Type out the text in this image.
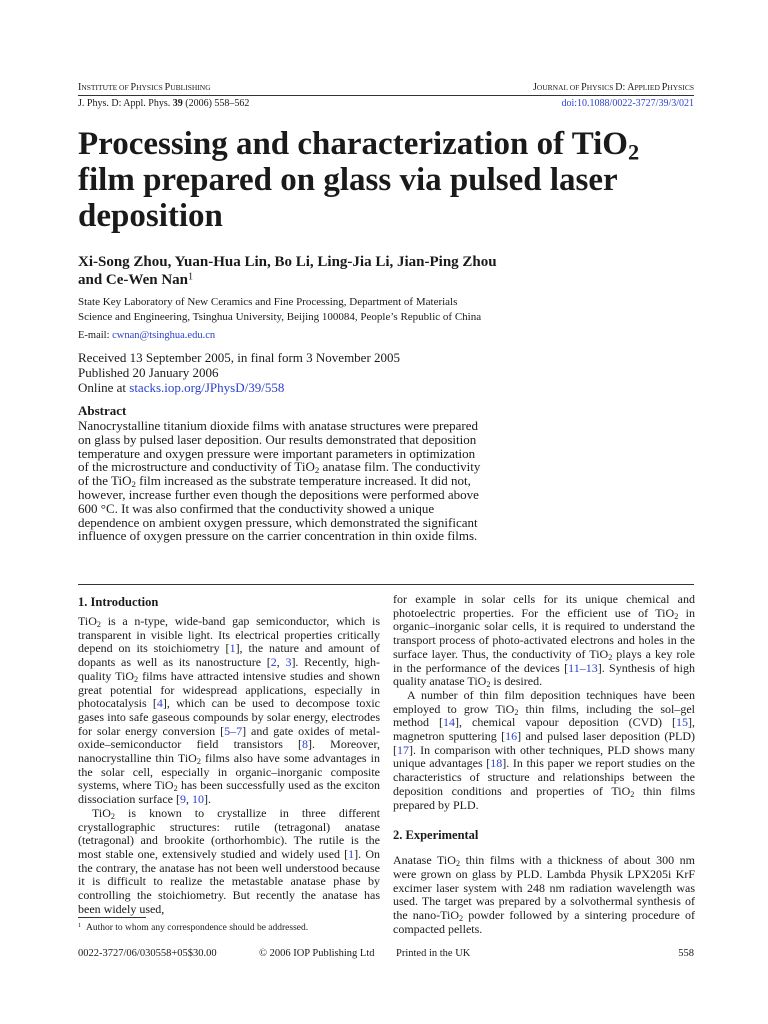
INSTITUTE OF PHYSICS PUBLISHING	JOURNAL OF PHYSICS D: APPLIED PHYSICS
J. Phys. D: Appl. Phys. 39 (2006) 558–562	doi:10.1088/0022-3727/39/3/021
Processing and characterization of TiO$_2$
film prepared on glass via pulsed laser
deposition
Xi-Song Zhou, Yuan-Hua Lin, Bo Li, Ling-Jia Li, Jian-Ping Zhou
and Ce-Wen Nan$^1$
State Key Laboratory of New Ceramics and Fine Processing, Department of Materials
Science and Engineering, Tsinghua University, Beijing 100084, People’s Republic of China
E-mail: cwnan@tsinghua.edu.cn
Received 13 September 2005, in final form 3 November 2005
Published 20 January 2006
Online at stacks.iop.org/JPhysD/39/558
Abstract
Nanocrystalline titanium dioxide films with anatase structures were prepared on glass by pulsed laser deposition. Our results demonstrated that deposition temperature and oxygen pressure were important parameters in optimization of the microstructure and conductivity of TiO$_2$ anatase film. The conductivity of the TiO$_2$ film increased as the substrate temperature increased. It did not, however, increase further even though the depositions were performed above 600 °C. It was also confirmed that the conductivity showed a unique dependence on ambient oxygen pressure, which demonstrated the significant influence of oxygen pressure on the carrier concentration in thin oxide films.
1. Introduction

TiO$_2$ is a n-type, wide-band gap semiconductor, which is transparent in visible light. Its electrical properties critically depend on its stoichiometry [1], the nature and amount of dopants as well as its nanostructure [2, 3]. Recently, high-quality TiO$_2$ films have attracted intensive studies and shown great potential for widespread applications, especially in photocatalysis [4], which can be used to decompose toxic gases into safe gaseous compounds by solar energy, electrodes for solar energy conversion [5–7] and gate oxides of metal-oxide–semiconductor field transistors [8]. Moreover, nanocrystalline thin TiO$_2$ films also have some advantages in the solar cell, especially in organic–inorganic composite systems, where TiO$_2$ has been successfully used as the exciton dissociation surface [9, 10].

TiO$_2$ is known to crystallize in three different crystallographic structures: rutile (tetragonal) anatase (tetragonal) and brookite (orthorhombic). The rutile is the most stable one, extensively studied and widely used [1]. On the contrary, the anatase has not been well understood because it is difficult to realize the metastable anatase phase by controlling the stoichiometry. But recently the anatase has been widely used,

$^1$ Author to whom any correspondence should be addressed.

for example in solar cells for its unique chemical and photoelectric properties. For the efficient use of TiO$_2$ in organic–inorganic solar cells, it is required to understand the transport process of photo-activated electrons and holes in the surface layer. Thus, the conductivity of TiO$_2$ plays a key role in the performance of the devices [11–13]. Synthesis of high quality anatase TiO$_2$ is desired.

A number of thin film deposition techniques have been employed to grow TiO$_2$ thin films, including the sol–gel method [14], chemical vapour deposition (CVD) [15], magnetron sputtering [16] and pulsed laser deposition (PLD) [17]. In comparison with other techniques, PLD shows many unique advantages [18]. In this paper we report studies on the characteristics of structure and relationships between the deposition conditions and properties of TiO$_2$ thin films prepared by PLD.

2. Experimental

Anatase TiO$_2$ thin films with a thickness of about 300 nm were grown on glass by PLD. Lambda Physik LPX205i KrF excimer laser system with 248 nm radiation wavelength was used. The target was prepared by a solvothermal synthesis of the nano-TiO$_2$ powder followed by a sintering procedure of compacted pellets.

0022-3727/06/030558+05$30.00	© 2006 IOP Publishing Ltd Printed in the UK	558
